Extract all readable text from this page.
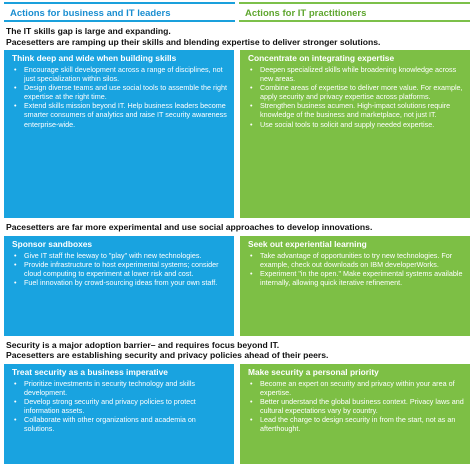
Actions for business and IT leaders	Actions for IT practitioners
The IT skills gap is large and expanding.
Pacesetters are ramping up their skills and blending expertise to deliver stronger solutions.
Think deep and wide when building skills
• Encourage skill development across a range of disciplines, not just specialization within silos.
• Design diverse teams and use social tools to assemble the right expertise at the right time.
• Extend skills mission beyond IT. Help business leaders become smarter consumers of analytics and raise IT security awareness enterprise-wide.
Concentrate on integrating expertise
• Deepen specialized skills while broadening knowledge across new areas.
• Combine areas of expertise to deliver more value. For example, apply security and privacy expertise across platforms.
• Strengthen business acumen. High-impact solutions require knowledge of the business and marketplace, not just IT.
• Use social tools to solicit and supply needed expertise.
Pacesetters are far more experimental and use social approaches to develop innovations.
Sponsor sandboxes
• Give IT staff the leeway to "play" with new technologies.
• Provide infrastructure to host experimental systems; consider cloud computing to experiment at lower risk and cost.
• Fuel innovation by crowd-sourcing ideas from your own staff.
Seek out experiential learning
• Take advantage of opportunities to try new technologies. For example, check out downloads on IBM developerWorks.
• Experiment "in the open." Make experimental systems available internally, allowing quick iterative refinement.
Security is a major adoption barrier– and requires focus beyond IT.
Pacesetters are establishing security and privacy policies ahead of their peers.
Treat security as a business imperative
• Prioritize investments in security technology and skills development.
• Develop strong security and privacy policies to protect information assets.
• Collaborate with other organizations and academia on solutions.
Make security a personal priority
• Become an expert on security and privacy within your area of expertise.
• Better understand the global business context. Privacy laws and cultural expectations vary by country.
• Lead the charge to design security in from the start, not as an afterthought.
